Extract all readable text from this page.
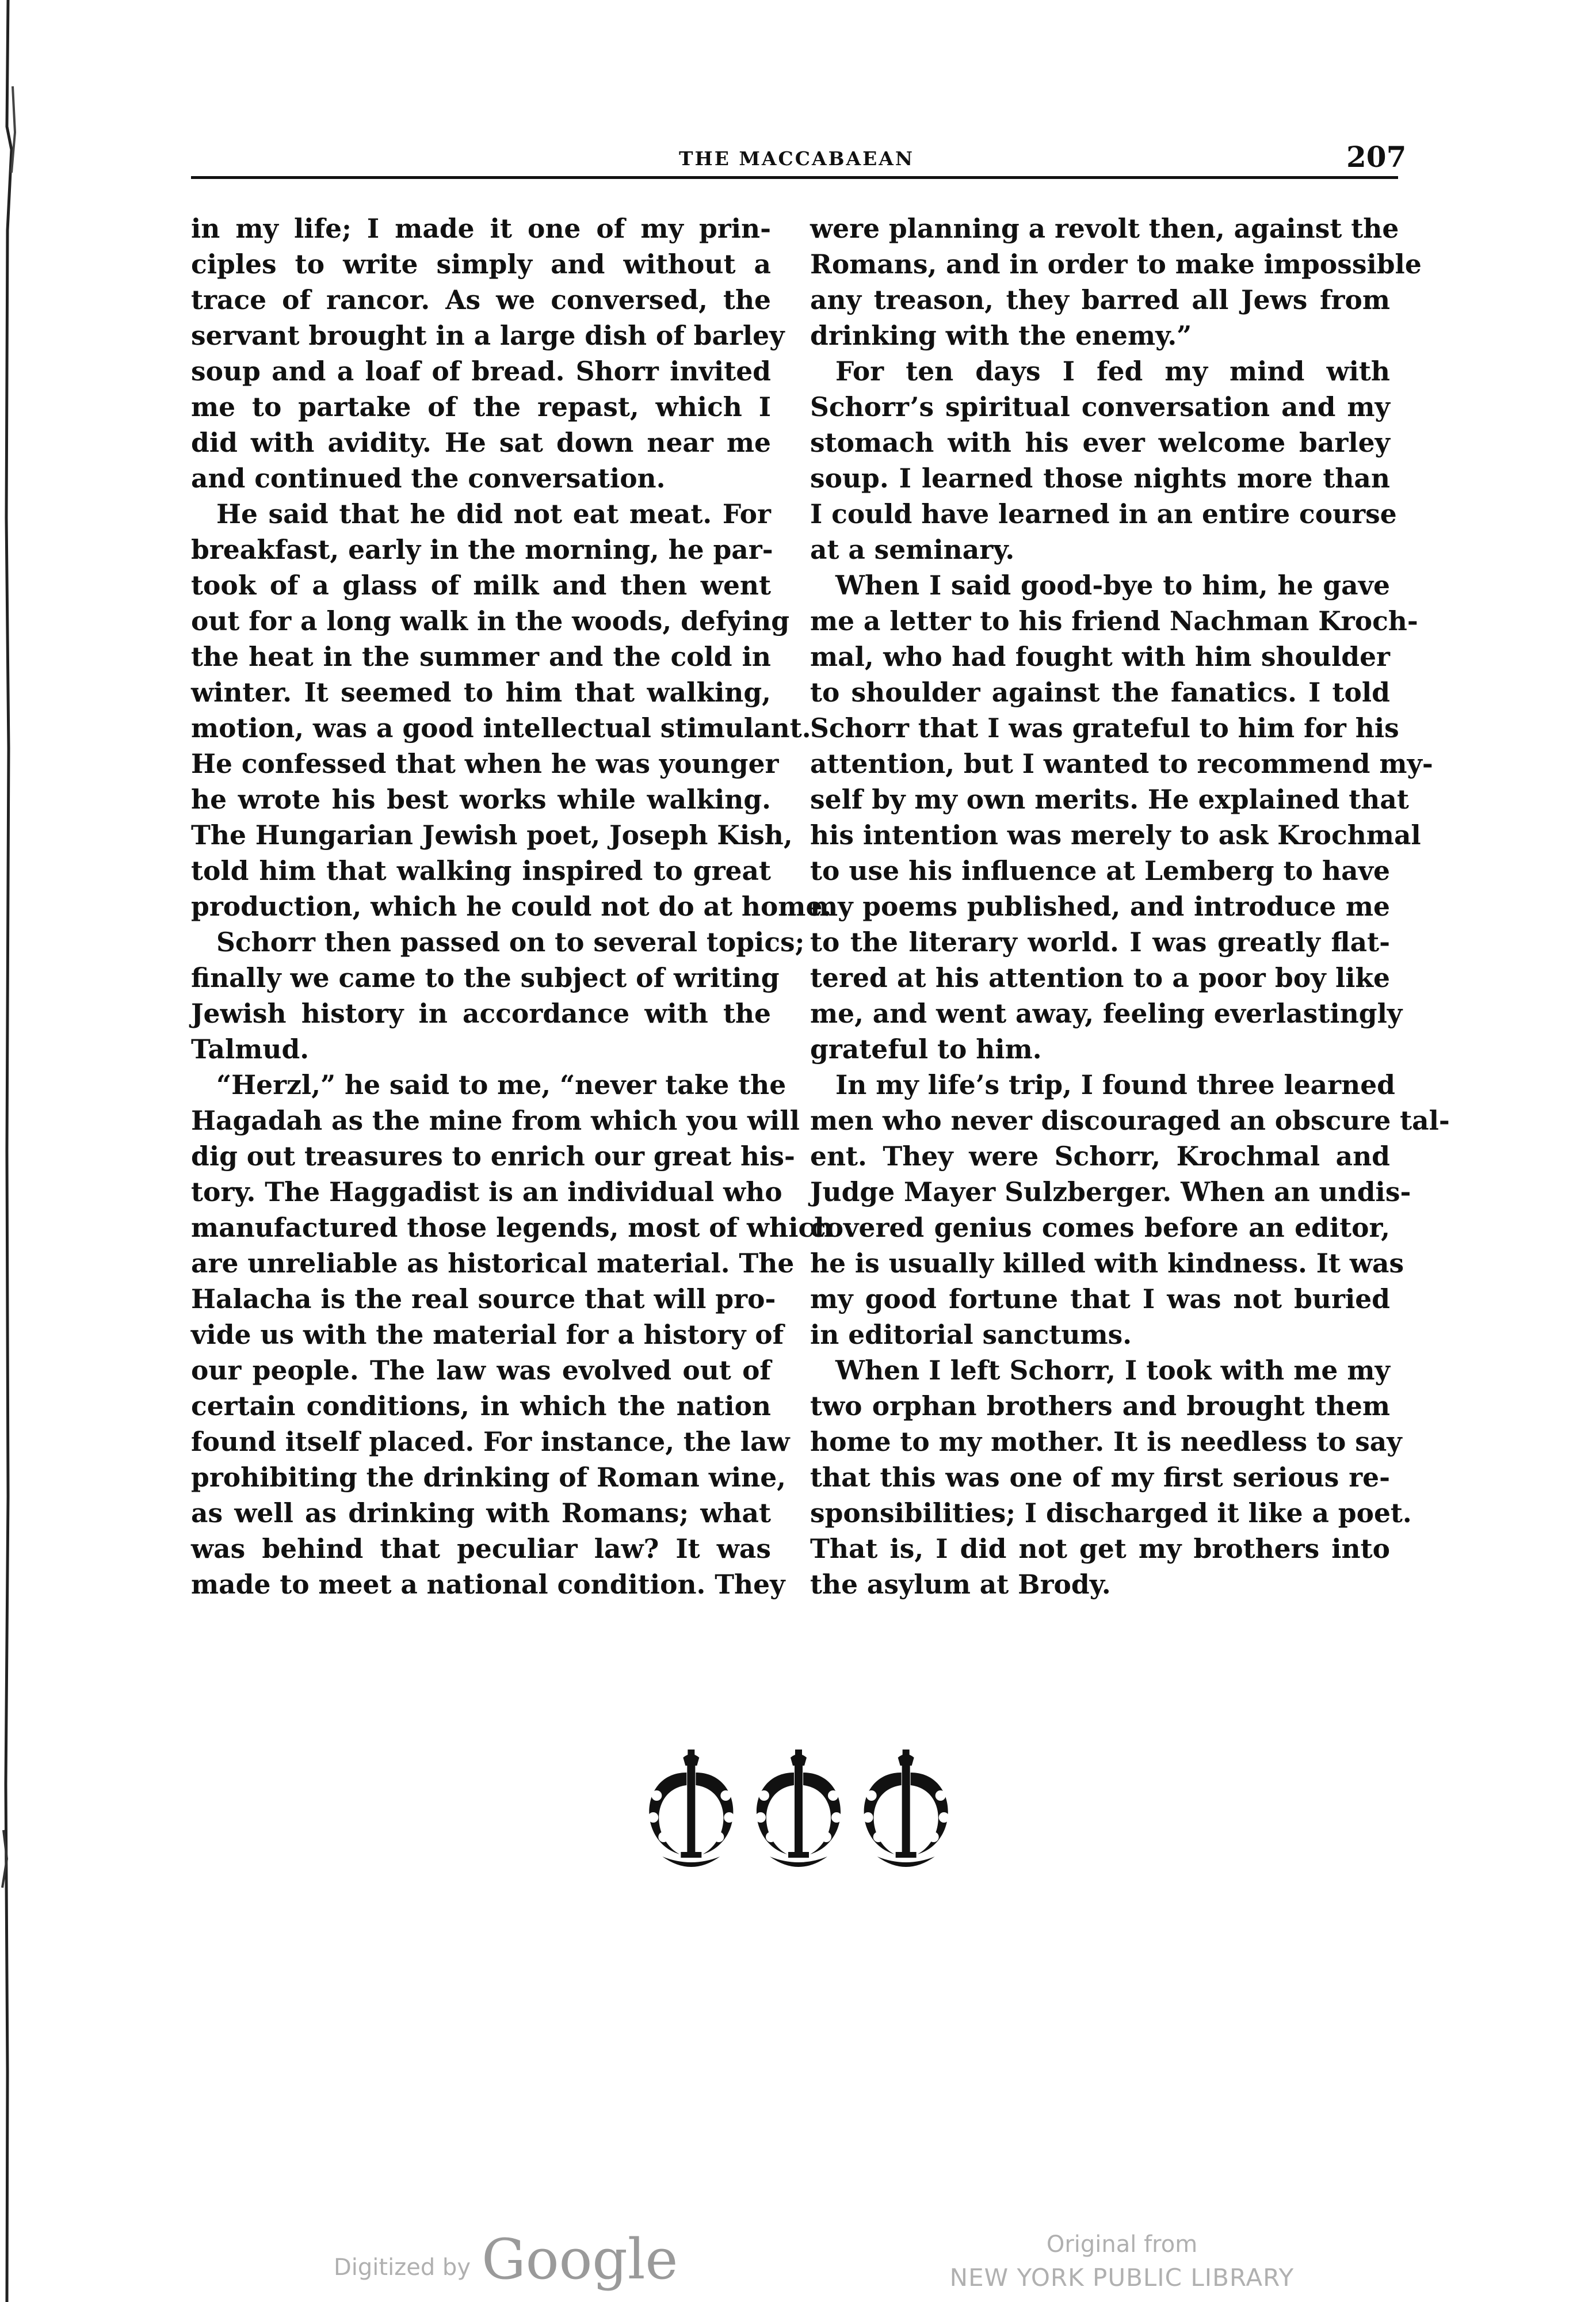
THE MACCABAEAN	207
in my life; I made it one of my prin-
ciples to write simply and without a
trace of rancor. As we conversed, the
servant brought in a large dish of barley
soup and a loaf of bread. Shorr invited
me to partake of the repast, which I
did with avidity. He sat down near me
and continued the conversation.
He said that he did not eat meat. For
breakfast, early in the morning, he par-
took of a glass of milk and then went
out for a long walk in the woods, defying
the heat in the summer and the cold in
winter. It seemed to him that walking,
motion, was a good intellectual stimulant.
He confessed that when he was younger
he wrote his best works while walking.
The Hungarian Jewish poet, Joseph Kish,
told him that walking inspired to great
production, which he could not do at home.
Schorr then passed on to several topics;
finally we came to the subject of writing
Jewish history in accordance with the
Talmud.
“Herzl,” he said to me, “never take the
Hagadah as the mine from which you will
dig out treasures to enrich our great his-
tory. The Haggadist is an individual who
manufactured those legends, most of which
are unreliable as historical material. The
Halacha is the real source that will pro-
vide us with the material for a history of
our people. The law was evolved out of
certain conditions, in which the nation
found itself placed. For instance, the law
prohibiting the drinking of Roman wine,
as well as drinking with Romans; what
was behind that peculiar law? It was
made to meet a national condition. They
were planning a revolt then, against the
Romans, and in order to make impossible
any treason, they barred all Jews from
drinking with the enemy.”
For ten days I fed my mind with
Schorr’s spiritual conversation and my
stomach with his ever welcome barley
soup. I learned those nights more than
I could have learned in an entire course
at a seminary.
When I said good-bye to him, he gave
me a letter to his friend Nachman Kroch-
mal, who had fought with him shoulder
to shoulder against the fanatics. I told
Schorr that I was grateful to him for his
attention, but I wanted to recommend my-
self by my own merits. He explained that
his intention was merely to ask Krochmal
to use his influence at Lemberg to have
my poems published, and introduce me
to the literary world. I was greatly flat-
tered at his attention to a poor boy like
me, and went away, feeling everlastingly
grateful to him.
In my life’s trip, I found three learned
men who never discouraged an obscure tal-
ent. They were Schorr, Krochmal and
Judge Mayer Sulzberger. When an undis-
covered genius comes before an editor,
he is usually killed with kindness. It was
my good fortune that I was not buried
in editorial sanctums.
When I left Schorr, I took with me my
two orphan brothers and brought them
home to my mother. It is needless to say
that this was one of my first serious re-
sponsibilities; I discharged it like a poet.
That is, I did not get my brothers into
the asylum at Brody.
Digitized by Google	Original from
NEW YORK PUBLIC LIBRARY
